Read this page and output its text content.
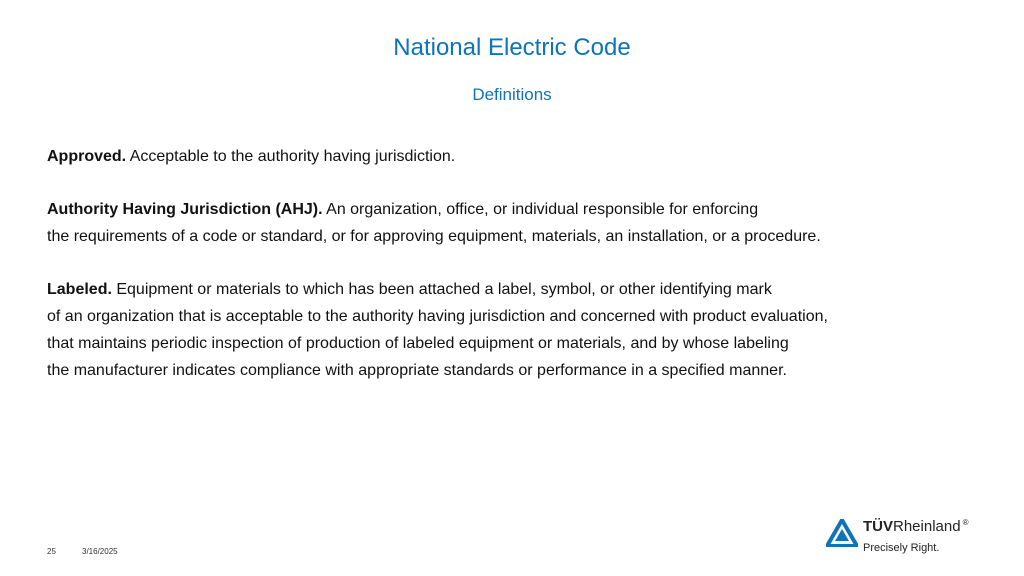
National Electric Code
Definitions
Approved. Acceptable to the authority having jurisdiction.
Authority Having Jurisdiction (AHJ). An organization, office, or individual responsible for enforcing
the requirements of a code or standard, or for approving equipment, materials, an installation, or a procedure.
Labeled. Equipment or materials to which has been attached a label, symbol, or other identifying mark
of an organization that is acceptable to the authority having jurisdiction and concerned with product evaluation,
that maintains periodic inspection of production of labeled equipment or materials, and by whose labeling
the manufacturer indicates compliance with appropriate standards or performance in a specified manner.
25	3/16/2025
TÜVRheinland ®
Precisely Right.
